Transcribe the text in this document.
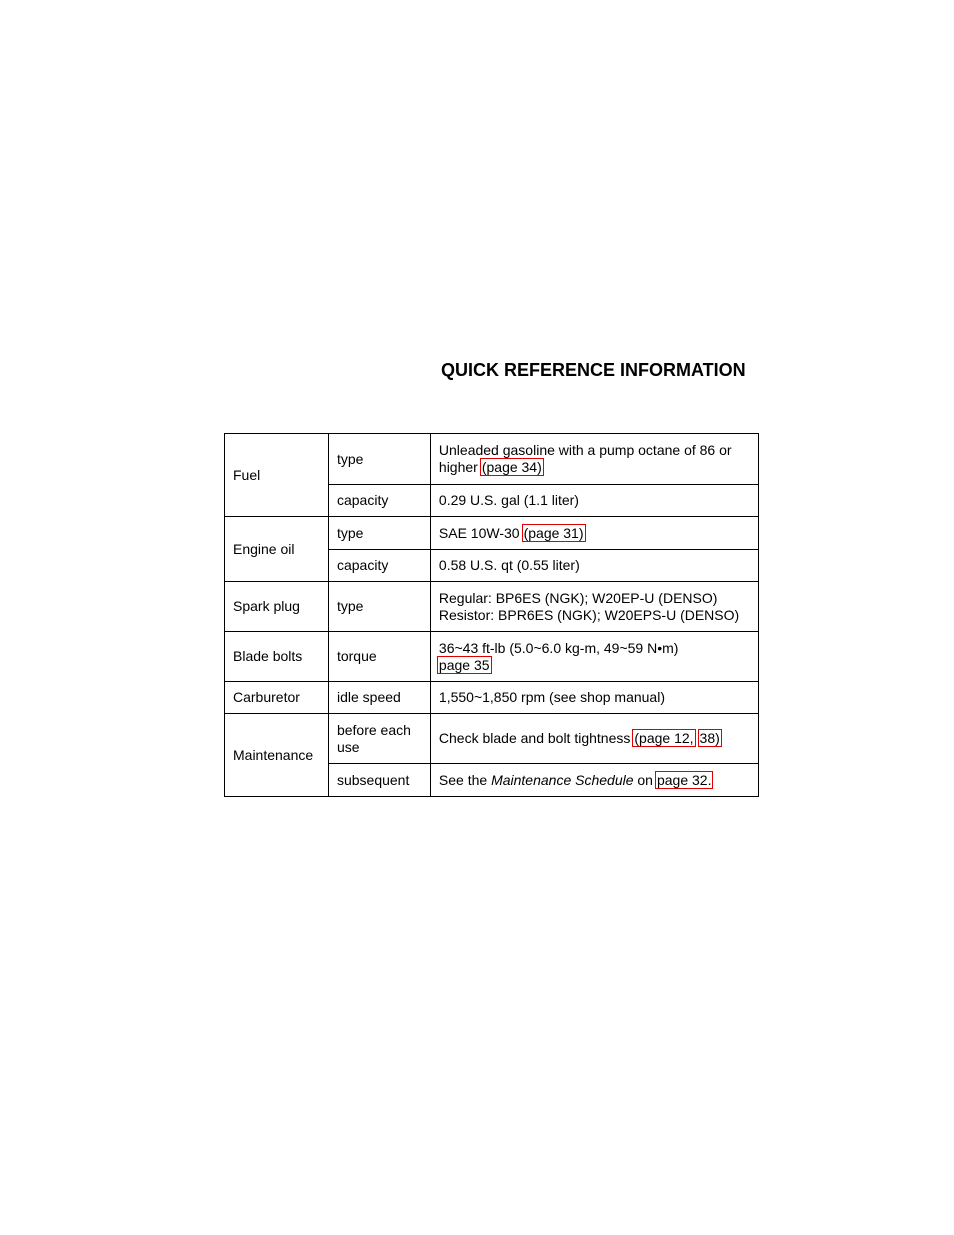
QUICK REFERENCE INFORMATION
Fuel	type	Unleaded gasoline with a pump octane of 86 or higher (page 34)
	capacity	0.29 U.S. gal (1.1 liter)
Engine oil	type	SAE 10W-30 (page 31)
	capacity	0.58 U.S. qt (0.55 liter)
Spark plug	type	Regular: BP6ES (NGK); W20EP-U (DENSO)
Resistor: BPR6ES (NGK); W20EPS-U (DENSO)

Blade bolts	torque	36~43 ft-lb (5.0~6.0 kg-m, 49~59 N•m)
page 35

Carburetor	idle speed	1,550~1,850 rpm (see shop manual)
Maintenance	before each use	Check blade and bolt tightness (page 12, 38)
	subsequent	See the Maintenance Schedule on page 32.
